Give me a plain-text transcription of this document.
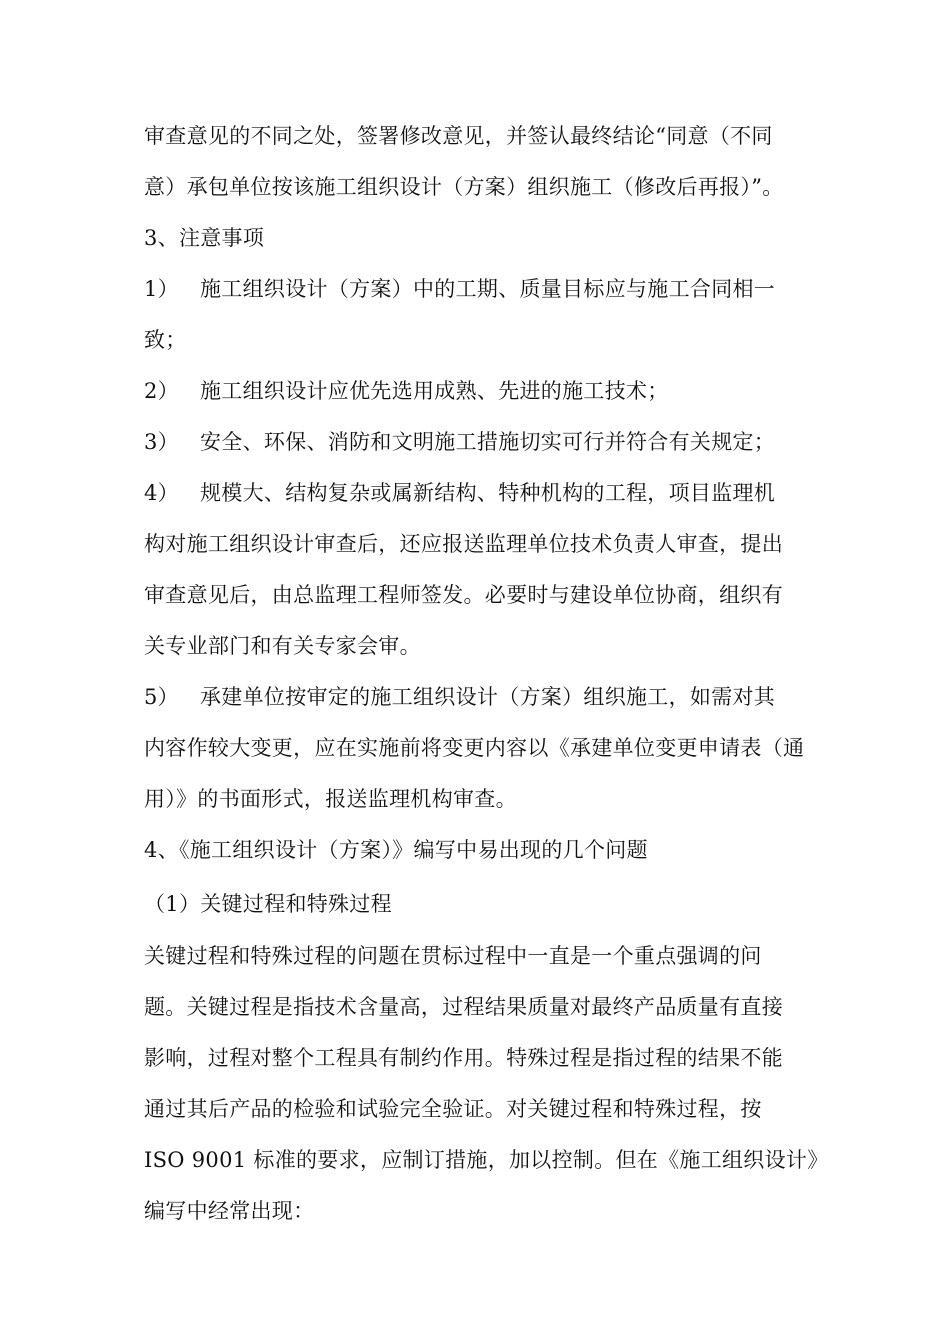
审查意见的不同之处，签署修改意见，并签认最终结论“同意（不同
意）承包单位按该施工组织设计（方案）组织施工（修改后再报）”。
3、注意事项
1） 施工组织设计（方案）中的工期、质量目标应与施工合同相一
致；
2） 施工组织设计应优先选用成熟、先进的施工技术；
3） 安全、环保、消防和文明施工措施切实可行并符合有关规定；
4） 规模大、结构复杂或属新结构、特种机构的工程，项目监理机
构对施工组织设计审查后，还应报送监理单位技术负责人审查，提出
审查意见后，由总监理工程师签发。必要时与建设单位协商，组织有
关专业部门和有关专家会审。
5） 承建单位按审定的施工组织设计（方案）组织施工，如需对其
内容作较大变更，应在实施前将变更内容以《承建单位变更申请表（通
用）》的书面形式，报送监理机构审查。
4、《施工组织设计（方案）》编写中易出现的几个问题
（1）关键过程和特殊过程
关键过程和特殊过程的问题在贯标过程中一直是一个重点强调的问
题。关键过程是指技术含量高，过程结果质量对最终产品质量有直接
影响，过程对整个工程具有制约作用。特殊过程是指过程的结果不能
通过其后产品的检验和试验完全验证。对关键过程和特殊过程，按
ISO 9001 标准的要求，应制订措施，加以控制。但在《施工组织设计》
编写中经常出现：
